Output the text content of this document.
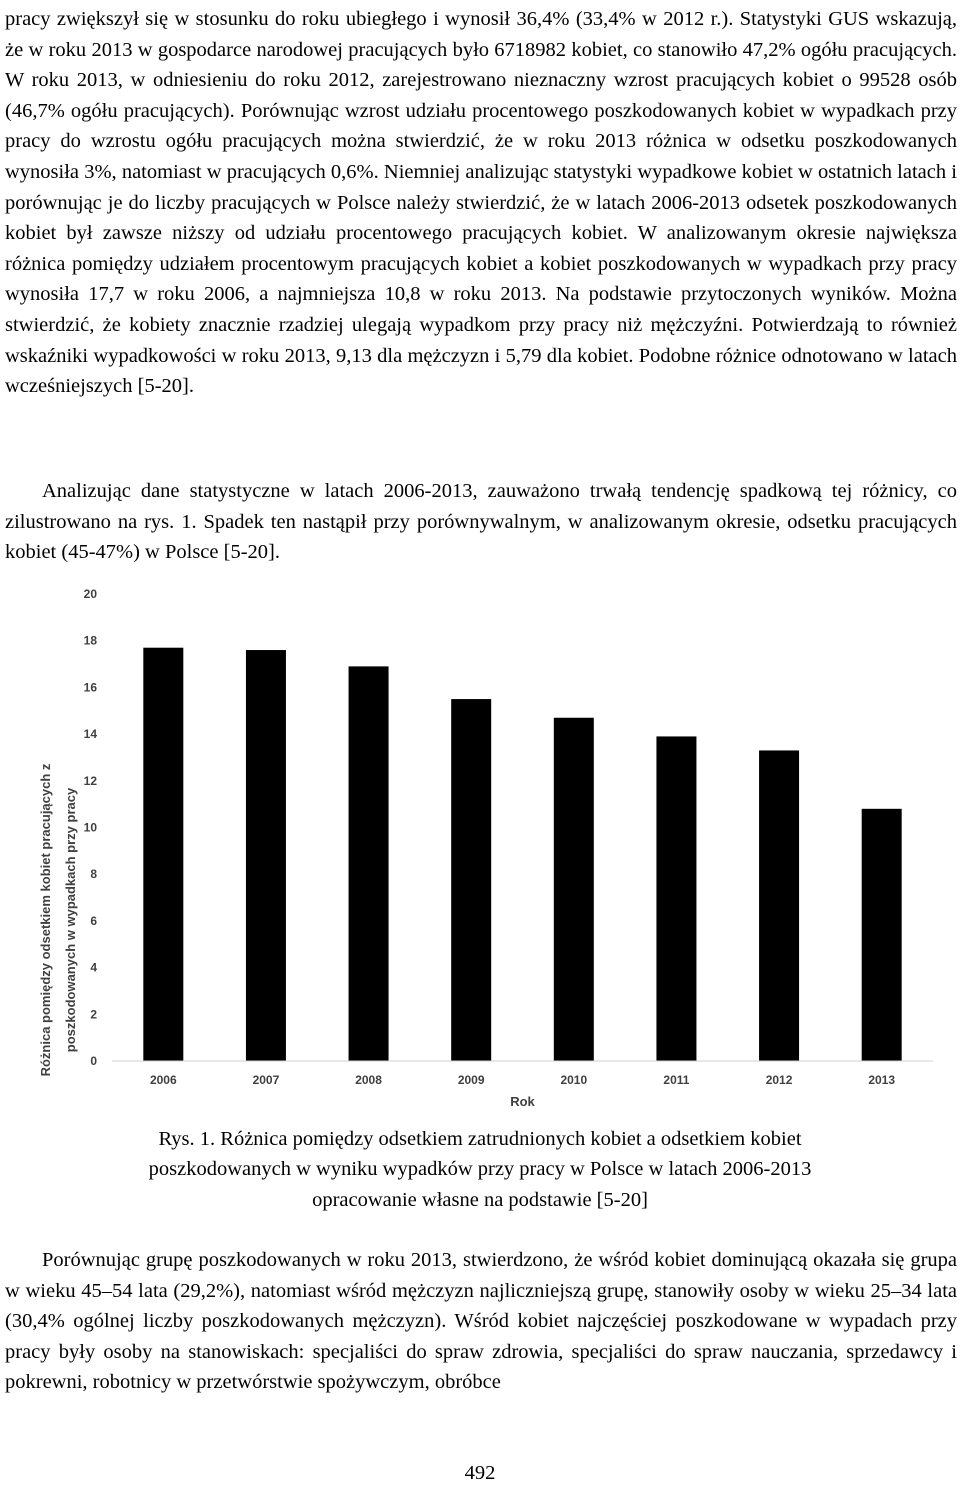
pracy zwiększył się w stosunku do roku ubiegłego i wynosił 36,4% (33,4% w 2012 r.). Statystyki GUS wskazują, że w roku 2013 w gospodarce narodowej pracujących było 6718982 kobiet, co stanowiło 47,2% ogółu pracujących. W roku 2013, w odniesieniu do roku 2012, zarejestrowano nieznaczny wzrost pracujących kobiet o 99528 osób (46,7% ogółu pracujących). Porównując wzrost udziału procentowego poszkodowanych kobiet w wypadkach przy pracy do wzrostu ogółu pracujących można stwierdzić, że w roku 2013 różnica w odsetku poszkodowanych wynosiła 3%, natomiast w pracujących 0,6%. Niemniej analizując statystyki wypadkowe kobiet w ostatnich latach i porównując je do liczby pracujących w Polsce należy stwierdzić, że w latach 2006-2013 odsetek poszkodowanych kobiet był zawsze niższy od udziału procentowego pracujących kobiet. W analizowanym okresie największa różnica pomiędzy udziałem procentowym pracujących kobiet a kobiet poszkodowanych w wypadkach przy pracy wynosiła 17,7 w roku 2006, a najmniejsza 10,8 w roku 2013. Na podstawie przytoczonych wyników. Można stwierdzić, że kobiety znacznie rzadziej ulegają wypadkom przy pracy niż mężczyźni. Potwierdzają to również wskaźniki wypadkowości w roku 2013, 9,13 dla mężczyzn i 5,79 dla kobiet. Podobne różnice odnotowano w latach wcześniejszych [5-20].

Analizując dane statystyczne w latach 2006-2013, zauważono trwałą tendencję spadkową tej różnicy, co zilustrowano na rys. 1. Spadek ten nastąpił przy porównywalnym, w analizowanym okresie, odsetku pracujących kobiet (45-47%) w Polsce [5-20].

0
2
4
6
8
10
12
14
16
18
20
2006	2007	2008	2009	2010	2011	2012	2013
Rok
Różnica pomiędzy odsetkiem kobiet pracujących z poszkodowanych w wypadkach przy pracy

Rys. 1. Różnica pomiędzy odsetkiem zatrudnionych kobiet a odsetkiem kobiet
poszkodowanych w wyniku wypadków przy pracy w Polsce w latach 2006-2013
opracowanie własne na podstawie [5-20]

Porównując grupę poszkodowanych w roku 2013, stwierdzono, że wśród kobiet dominującą okazała się grupa w wieku 45–54 lata (29,2%), natomiast wśród mężczyzn najliczniejszą grupę, stanowiły osoby w wieku 25–34 lata (30,4% ogólnej liczby poszkodowanych mężczyzn). Wśród kobiet najczęściej poszkodowane w wypadach przy pracy były osoby na stanowiskach: specjaliści do spraw zdrowia, specjaliści do spraw nauczania, sprzedawcy i pokrewni, robotnicy w przetwórstwie spożywczym, obróbce

492
